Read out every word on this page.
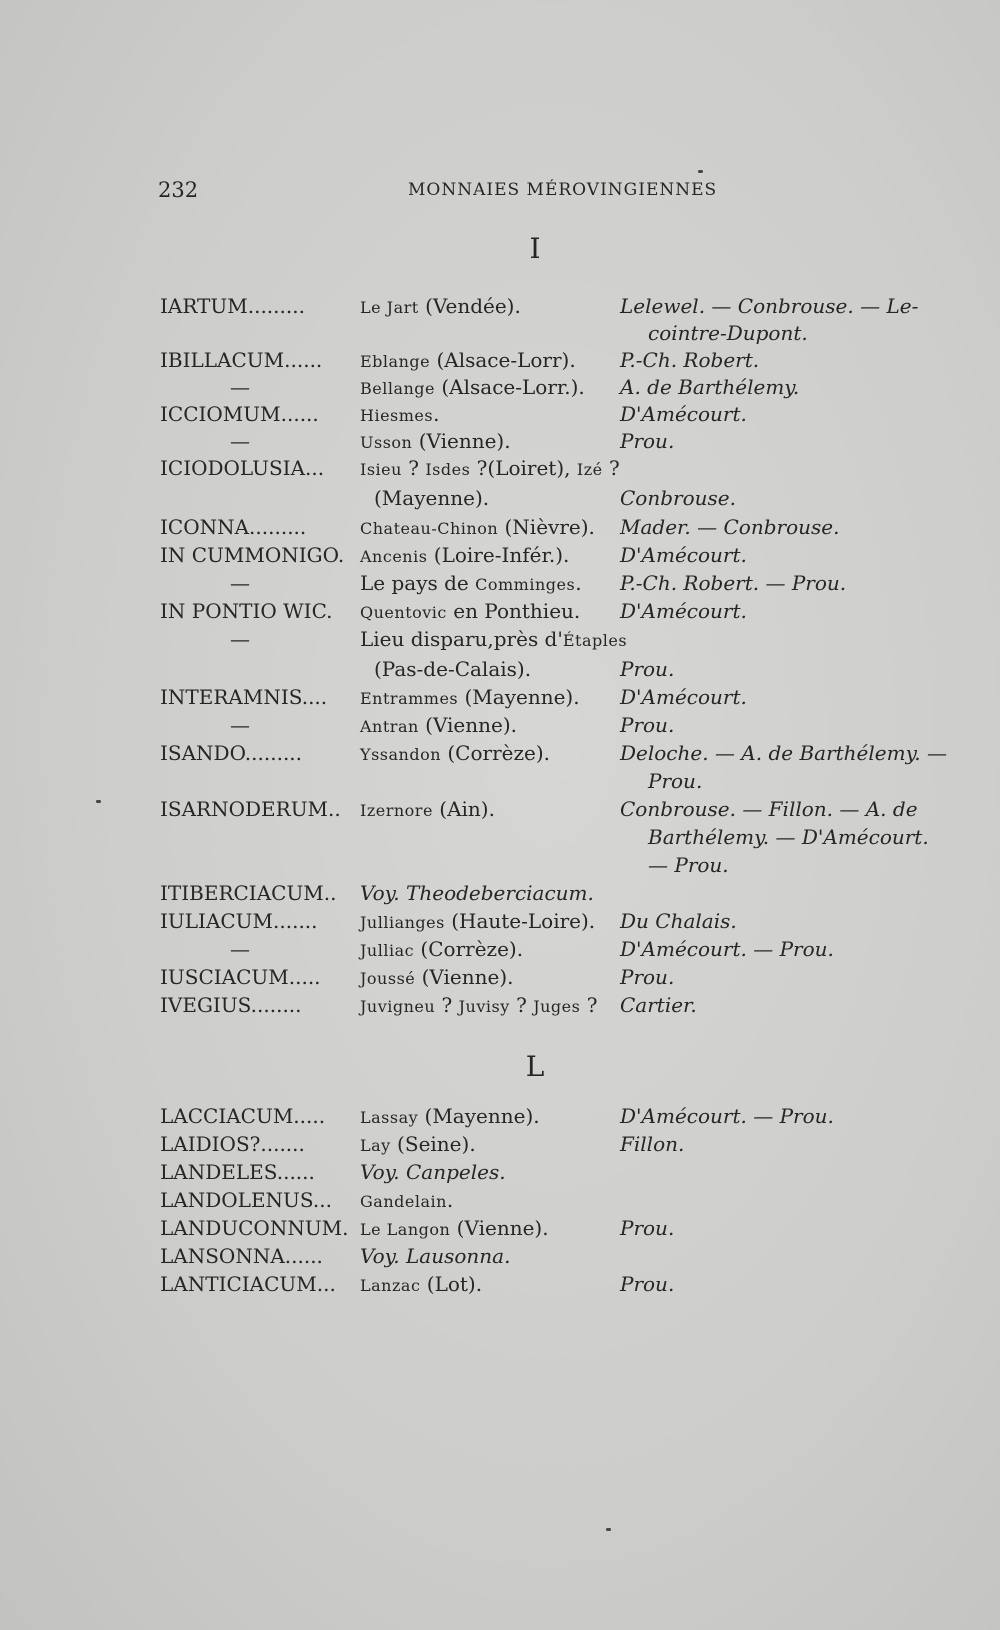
232	MONNAIES MÉROVINGIENNES
I
IARTUM.........	Le Jart (Vendée).	Lelewel. — Conbrouse. — Le-
cointre-Dupont.
IBILLACUM...... Eblange (Alsace-Lorr). P.-Ch. Robert.
—	Bellange (Alsace-Lorr.). A. de Barthélemy.
ICCIOMUM......	Hiesmes.	D'Amécourt.
—	Usson (Vienne).	Prou.
ICIODOLUSIA... Isieu ? Isdes ?(Loiret), Izé ?
(Mayenne).	Conbrouse.
ICONNA.........	Chateau-Chinon (Nièvre). Mader. — Conbrouse.
IN CUMMONIGO. Ancenis (Loire-Infér.).	D'Amécourt.
—	Le pays de Comminges. P.-Ch. Robert. — Prou.
IN PONTIO WIC. Quentovic en Ponthieu. D'Amécourt.
—	Lieu disparu,près d'Étaples
(Pas-de-Calais).	Prou.
INTERAMNIS.... Entrammes (Mayenne). D'Amécourt.
—	Antran (Vienne).	Prou.
ISANDO.........	Yssandon (Corrèze).	Deloche. — A. de Barthélemy. —
Prou.
ISARNODERUM.. Izernore (Ain).	Conbrouse. — Fillon. — A. de
Barthélemy. — D'Amécourt.
— Prou.
ITIBERCIACUM.. Voy. Theodeberciacum.
IULIACUM.......	Jullianges (Haute-Loire). Du Chalais.
—	Julliac (Corrèze).	D'Amécourt. — Prou.
IUSCIACUM..... Joussé (Vienne).	Prou.
IVEGIUS........	Juvigneu ? Juvisy ? Juges ? Cartier.
L
LACCIACUM..... Lassay (Mayenne).	D'Amécourt. — Prou.
LAIDIOS?.......	Lay (Seine).	Fillon.
LANDELES...... Voy. Canpeles.
LANDOLENUS... Gandelain.
LANDUCONNUM. Le Langon (Vienne).	Prou.
LANSONNA...... Voy. Lausonna.
LANTICIACUM... Lanzac (Lot).	Prou.
